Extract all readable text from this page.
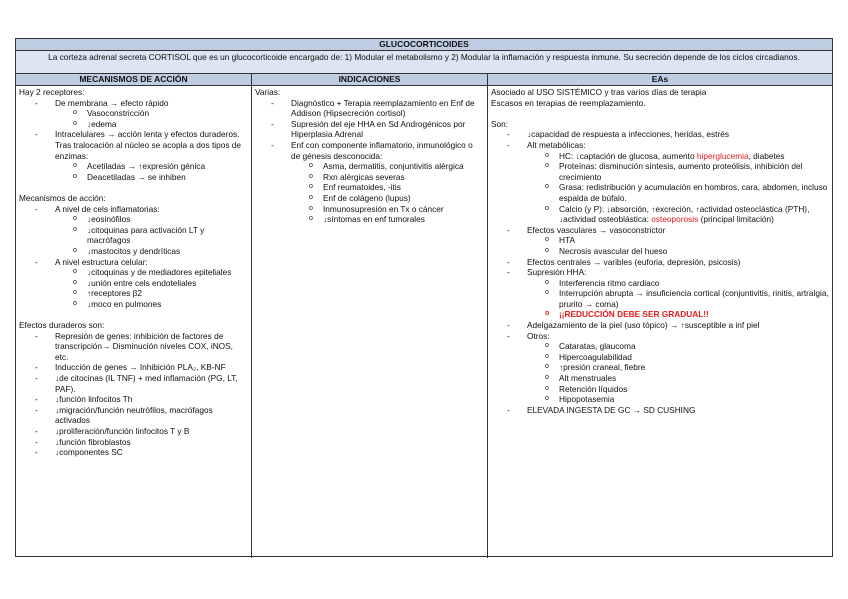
GLUCOCORTICOIDES
La corteza adrenal secreta CORTISOL que es un glucocorticoide encargado de: 1) Modular el metabolismo y 2) Modular la inflamación y respuesta inmune. Su secreción depende de los ciclos circadianos.
MECANISMOS DE ACCIÓN	INDICACIONES	EAs
Hay 2 receptores:
- De membrana → efecto rápido
o Vasoconstricción
o ↓edema
- Intracelulares → acción lenta y efectos duraderos. Tras tralocación al núcleo se acopla a dos tipos de enzimas:
o Acetiladas → ↑expresión génica
o Deacetiladas → se inhiben
Mecanismos de acción:
- A nivel de cels inflamatorias:
o ↓eosinófilos
o ↓citoquinas para activación LT y macrófagos
o ↓mastocitos y dendríticas
- A nivel estructura celular:
o ↓citoquinas y de mediadores epiteliales
o ↓unión entre cels endoteliales
o ↑receptores β2
o ↓moco en pulmones
Efectos duraderos son:
- Represión de genes: inhibición de factores de transcripción→ Disminución niveles COX, iNOS, etc.
- Inducción de genes → Inhibición PLA₂, KB-NF
- ↓de citocinas (IL TNF) + med inflamación (PG, LT, PAF).
- ↓función linfocitos Th
- ↓migración/función neutrófilos, macrófagos activados
- ↓proliferación/función linfocitos T y B
- ↓función fibroblastos
- ↓componentes SC
Varias:
- Diagnóstico + Terapia reemplazamiento en Enf de Addison (Hipsecreción cortisol)
- Supresión del eje HHA en Sd Androgénicos por Hiperplasia Adrenal
- Enf con componente inflamatorio, inmunológico o de génesis desconocida:
o Asma, dermatitis, conjuntivitis alérgica
o Rxn alérgicas severas
o Enf reumatoides, -itis
o Enf de colágeno (lupus)
o Inmunosupresión en Tx o cáncer
o ↓síntomas en enf tumorales
Asociado al USO SISTÉMICO y tras varios días de terapia
Escasos en terapias de reemplazamiento.
Son:
- ↓capacidad de respuesta a infecciones, heridas, estrés
- Alt metabólicas:
o HC: ↓captación de glucosa, aumento hiperglucemia, diabetes
o Proteínas: disminución síntesis, aumento proteólisis, inhibición del crecimiento
o Grasa: redistribución y acumulación en hombros, cara, abdomen, incluso espalda de búfalo.
o Calcio (y P): ↓absorción, ↑excreción, ↑actividad osteoclástica (PTH), ↓actividad osteoblástica: osteoporosis (principal limitación)
- Efectos vasculares → vasoconstrictor
o HTA
o Necrosis avascular del hueso
- Efectos centrales → varibles (euforia, depresión, psicosis)
- Supresión HHA:
o Interferencia ritmo cardiaco
o Interrupción abrupta → insuficiencia cortical (conjuntivitis, rinitis, artralgia, prurito → coma)
o ¡¡REDUCCIÓN DEBE SER GRADUAL!!
- Adelgazamiento de la piel (uso tópico) → ↑susceptible a inf piel
- Otros:
o Cataratas, glaucoma
o Hipercoagulabilidad
o ↑presión craneal, fiebre
o Alt menstruales
o Retención líquidos
o Hipopotasemia
- ELEVADA INGESTA DE GC → SD CUSHING
